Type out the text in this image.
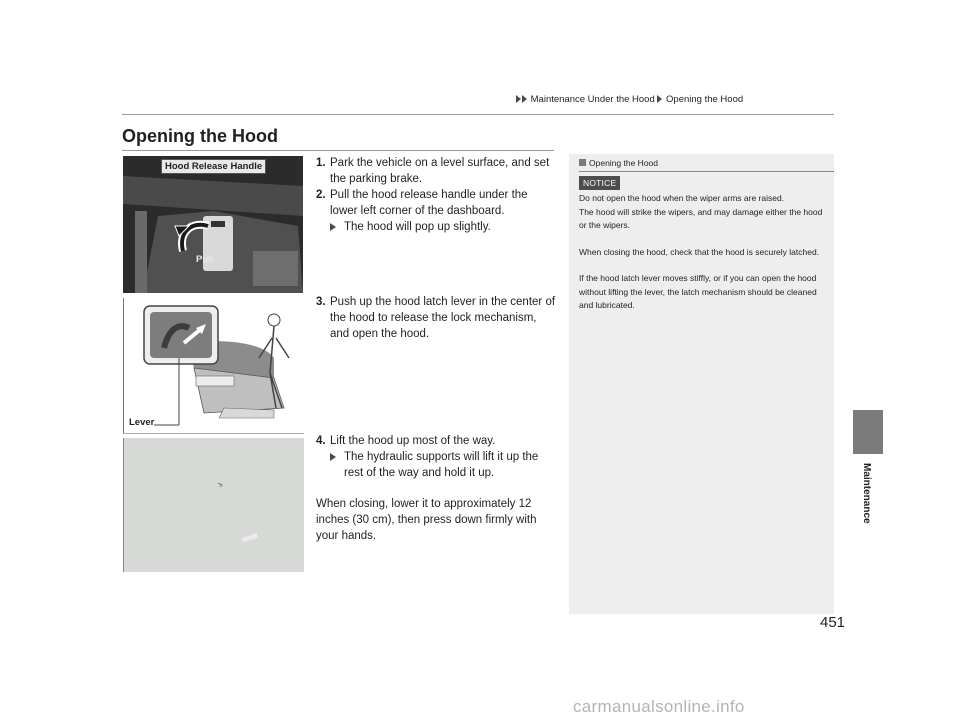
Maintenance Under the Hood Opening the Hood
Opening the Hood
Hood Release Handle
Pull
Lever
1. Park the vehicle on a level surface, and set the parking brake.
2. Pull the hood release handle under the lower left corner of the dashboard.
The hood will pop up slightly.
3. Push up the hood latch lever in the center of the hood to release the lock mechanism, and open the hood.
4. Lift the hood up most of the way.
The hydraulic supports will lift it up the rest of the way and hold it up.
When closing, lower it to approximately 12 inches (30 cm), then press down firmly with your hands.
Opening the Hood
NOTICE

Do not open the hood when the wiper arms are raised.
The hood will strike the wipers, and may damage either the hood or the wipers.

When closing the hood, check that the hood is securely latched.

If the hood latch lever moves stiffly, or if you can open the hood without lifting the lever, the latch mechanism should be cleaned and lubricated.

Maintenance
451
carmanualsonline.info
